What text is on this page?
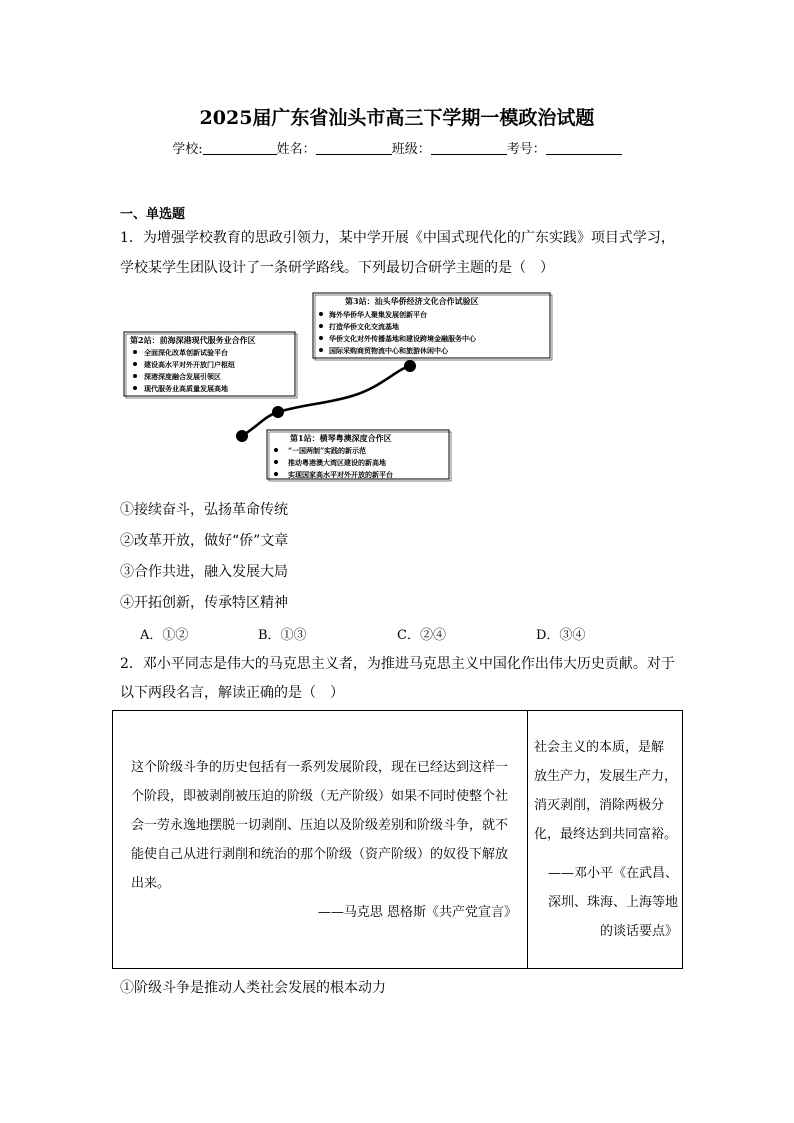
2025届广东省汕头市高三下学期一模政治试题
学校:	姓名：	班级：	考号：
一、单选题
1．为增强学校教育的思政引领力，某中学开展《中国式现代化的广东实践》项目式学习，
学校某学生团队设计了一条研学路线。下列最切合研学主题的是（　）
第3站：汕头华侨经济文化合作试验区
海外华侨华人聚集发展创新平台
打造华侨文化交流基地
华侨文化对外传播基地和建设跨境金融服务中心
国际采购商贸物流中心和旅游休闲中心
第2站：前海深港现代服务业合作区
全面深化改革创新试验平台
建设高水平对外开放门户枢纽
深港深度融合发展引领区
现代服务业高质量发展高地
第1站：横琴粤澳深度合作区
“一国两制”实践的新示范
推动粤港澳大湾区建设的新高地
实现国家高水平对外开放的新平台
①接续奋斗，弘扬革命传统
②改革开放，做好“侨”文章
③合作共进，融入发展大局
④开拓创新，传承特区精神
A．①②	B．①③	C．②④	D．③④
2．邓小平同志是伟大的马克思主义者，为推进马克思主义中国化作出伟大历史贡献。对于
以下两段名言，解读正确的是（　）
这个阶级斗争的历史包括有一系列发展阶段，现在已经达到这样一
个阶段，即被剥削被压迫的阶级（无产阶级）如果不同时使整个社
会一劳永逸地摆脱一切剥削、压迫以及阶级差别和阶级斗争，就不
能使自己从进行剥削和统治的那个阶级（资产阶级）的奴役下解放
出来。
——马克思 恩格斯《共产党宣言》

社会主义的本质，是解
放生产力，发展生产力，
消灭剥削，消除两极分
化，最终达到共同富裕。
——邓小平《在武昌、
深圳、珠海、上海等地
的谈话要点》
①阶级斗争是推动人类社会发展的根本动力
